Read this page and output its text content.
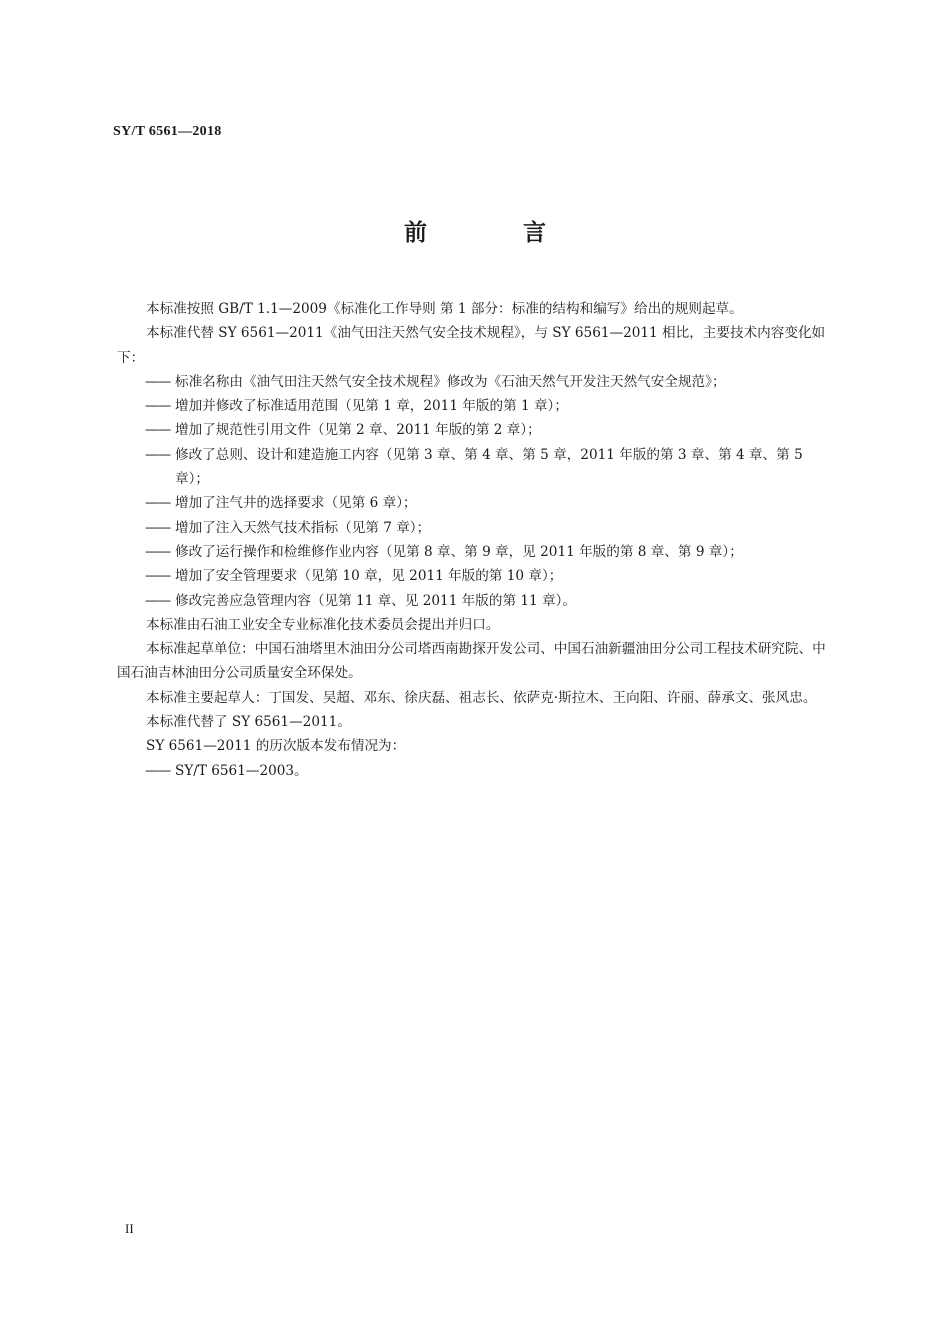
SY/T 6561—2018
前 言

本标准按照 GB/T 1.1—2009《标准化工作导则 第 1 部分：标准的结构和编写》给出的规则起草。

本标准代替 SY 6561—2011《油气田注天然气安全技术规程》，与 SY 6561—2011 相比，主要技术内容变化如下：

—— 标准名称由《油气田注天然气安全技术规程》修改为《石油天然气开发注天然气安全规范》；

—— 增加并修改了标准适用范围（见第 1 章，2011 年版的第 1 章）；

—— 增加了规范性引用文件（见第 2 章、2011 年版的第 2 章）；

—— 修改了总则、设计和建造施工内容（见第 3 章、第 4 章、第 5 章，2011 年版的第 3 章、第 4 章、第 5 章）；

—— 增加了注气井的选择要求（见第 6 章）；

—— 增加了注入天然气技术指标（见第 7 章）；

—— 修改了运行操作和检维修作业内容（见第 8 章、第 9 章，见 2011 年版的第 8 章、第 9 章）；

—— 增加了安全管理要求（见第 10 章，见 2011 年版的第 10 章）；

—— 修改完善应急管理内容（见第 11 章、见 2011 年版的第 11 章）。

本标准由石油工业安全专业标准化技术委员会提出并归口。

本标准起草单位：中国石油塔里木油田分公司塔西南勘探开发公司、中国石油新疆油田分公司工程技术研究院、中国石油吉林油田分公司质量安全环保处。

本标准主要起草人：丁国发、吴超、邓东、徐庆磊、祖志长、依萨克·斯拉木、王向阳、许丽、薛承文、张风忠。

本标准代替了 SY 6561—2011。

SY 6561—2011 的历次版本发布情况为：

—— SY/T 6561—2003。

II
